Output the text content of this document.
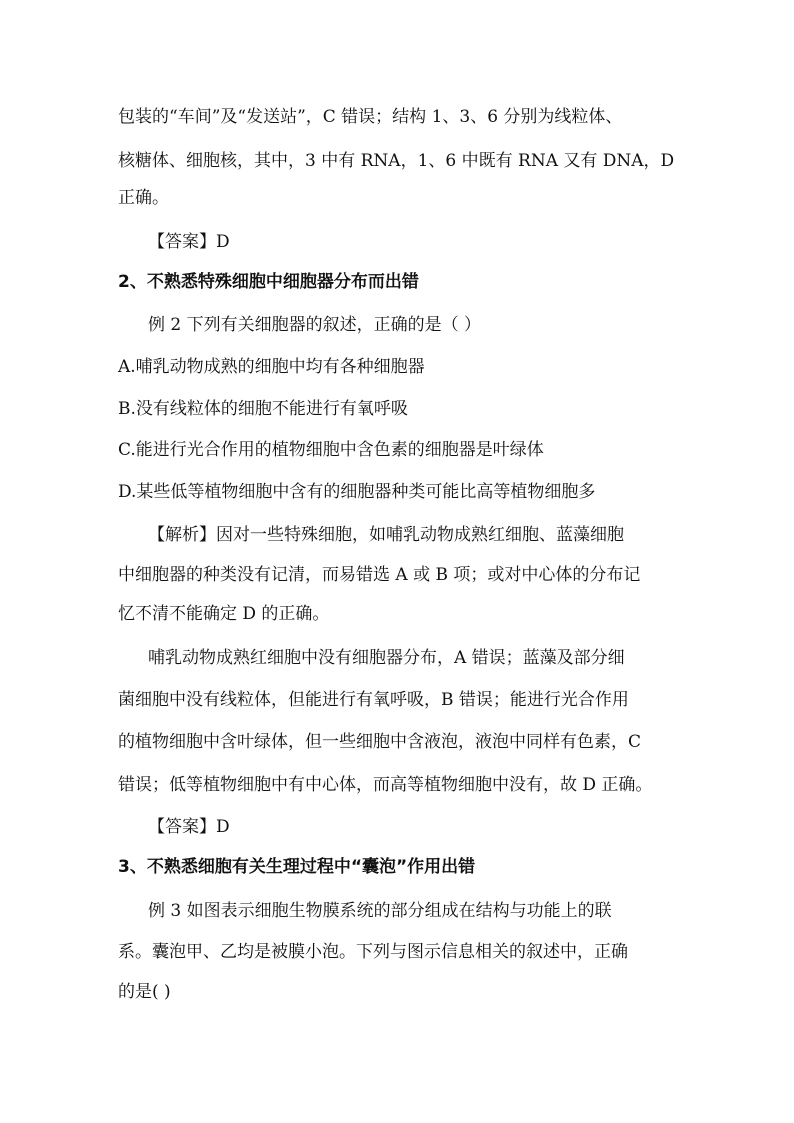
包装的“车间”及“发送站”，C 错误；结构 1、3、6 分别为线粒体、
核糖体、细胞核，其中，3 中有 RNA，1、6 中既有 RNA 又有 DNA，D
正确。
【答案】D
2、不熟悉特殊细胞中细胞器分布而出错
例 2 下列有关细胞器的叙述，正确的是（ ）
A.哺乳动物成熟的细胞中均有各种细胞器
B.没有线粒体的细胞不能进行有氧呼吸
C.能进行光合作用的植物细胞中含色素的细胞器是叶绿体
D.某些低等植物细胞中含有的细胞器种类可能比高等植物细胞多
【解析】因对一些特殊细胞，如哺乳动物成熟红细胞、蓝藻细胞
中细胞器的种类没有记清，而易错选 A 或 B 项；或对中心体的分布记
忆不清不能确定 D 的正确。
哺乳动物成熟红细胞中没有细胞器分布，A 错误；蓝藻及部分细
菌细胞中没有线粒体，但能进行有氧呼吸，B 错误；能进行光合作用
的植物细胞中含叶绿体，但一些细胞中含液泡，液泡中同样有色素，C
错误；低等植物细胞中有中心体，而高等植物细胞中没有，故 D 正确。
【答案】D
3、不熟悉细胞有关生理过程中“囊泡”作用出错
例 3 如图表示细胞生物膜系统的部分组成在结构与功能上的联
系。囊泡甲、乙均是被膜小泡。下列与图示信息相关的叙述中，正确
的是( )
